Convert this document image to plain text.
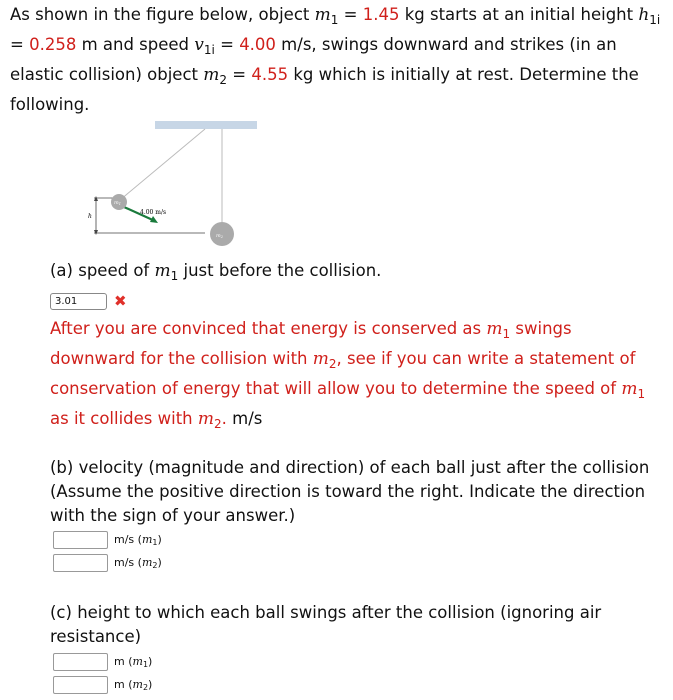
As shown in the figure below, object $m_1 = 1.45$ kg starts at an initial height $h_{1i} = 0.258$ m and speed $v_{1i} = 4.00$ m/s, swings downward and strikes (in an elastic collision) object $m_2 = 4.55$ kg which is initially at rest. Determine the following.
h
4.00 m/s
$m_1$
$m_2$
(a) speed of $m_1$ just before the collision.
3.01	✖
After you are convinced that energy is conserved as $m_1$ swings downward for the collision with $m_2$, see if you can write a statement of conservation of energy that will allow you to determine the speed of $m_1$ as it collides with $m_2$. m/s
(b) velocity (magnitude and direction) of each ball just after the collision (Assume the positive direction is toward the right. Indicate the direction with the sign of your answer.)
m/s $(m_1)$
m/s $(m_2)$
(c) height to which each ball swings after the collision (ignoring air resistance)
m $(m_1)$
m $(m_2)$
